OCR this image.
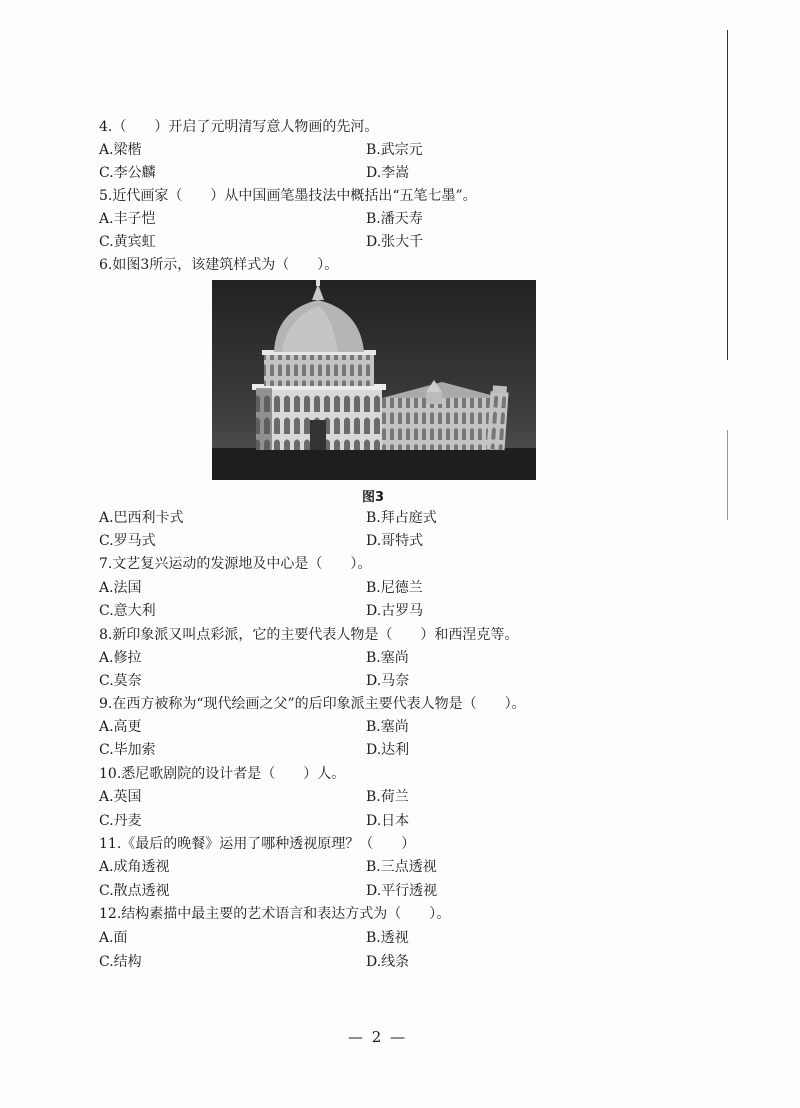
4.（　　）开启了元明清写意人物画的先河。
A.梁楷	B.武宗元
C.李公麟	D.李嵩
5.近代画家（　　）从中国画笔墨技法中概括出“五笔七墨”。
A.丰子恺	B.潘天寿
C.黄宾虹	D.张大千
6.如图3所示，该建筑样式为（　　）。
图3
A.巴西利卡式	B.拜占庭式
C.罗马式	D.哥特式
7.文艺复兴运动的发源地及中心是（　　）。
A.法国	B.尼德兰
C.意大利	D.古罗马
8.新印象派又叫点彩派，它的主要代表人物是（　　）和西涅克等。
A.修拉	B.塞尚
C.莫奈	D.马奈
9.在西方被称为“现代绘画之父”的后印象派主要代表人物是（　　）。
A.高更	B.塞尚
C.毕加索	D.达利
10.悉尼歌剧院的设计者是（　　）人。
A.英国	B.荷兰
C.丹麦	D.日本
11.《最后的晚餐》运用了哪种透视原理？（　　）
A.成角透视	B.三点透视
C.散点透视	D.平行透视
12.结构素描中最主要的艺术语言和表达方式为（　　）。
A.面	B.透视
C.结构	D.线条
— 2 —
